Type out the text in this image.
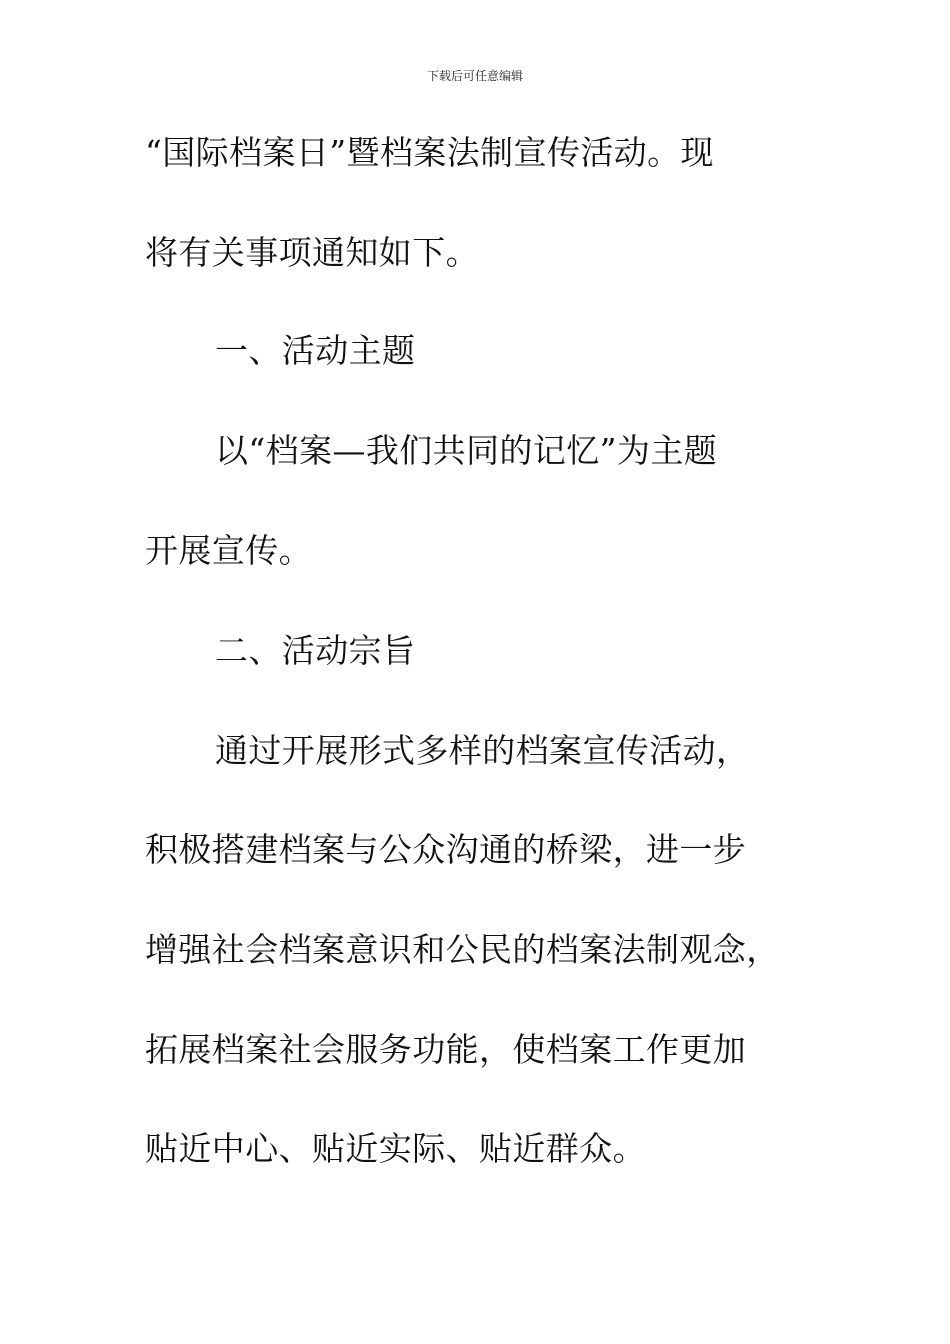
下载后可任意编辑
“国际档案日”暨档案法制宣传活动。现
将有关事项通知如下。
一、活动主题
以“档案—我们共同的记忆”为主题
开展宣传。
二、活动宗旨
通过开展形式多样的档案宣传活动，
积极搭建档案与公众沟通的桥梁，进一步
增强社会档案意识和公民的档案法制观念，
拓展档案社会服务功能，使档案工作更加
贴近中心、贴近实际、贴近群众。
